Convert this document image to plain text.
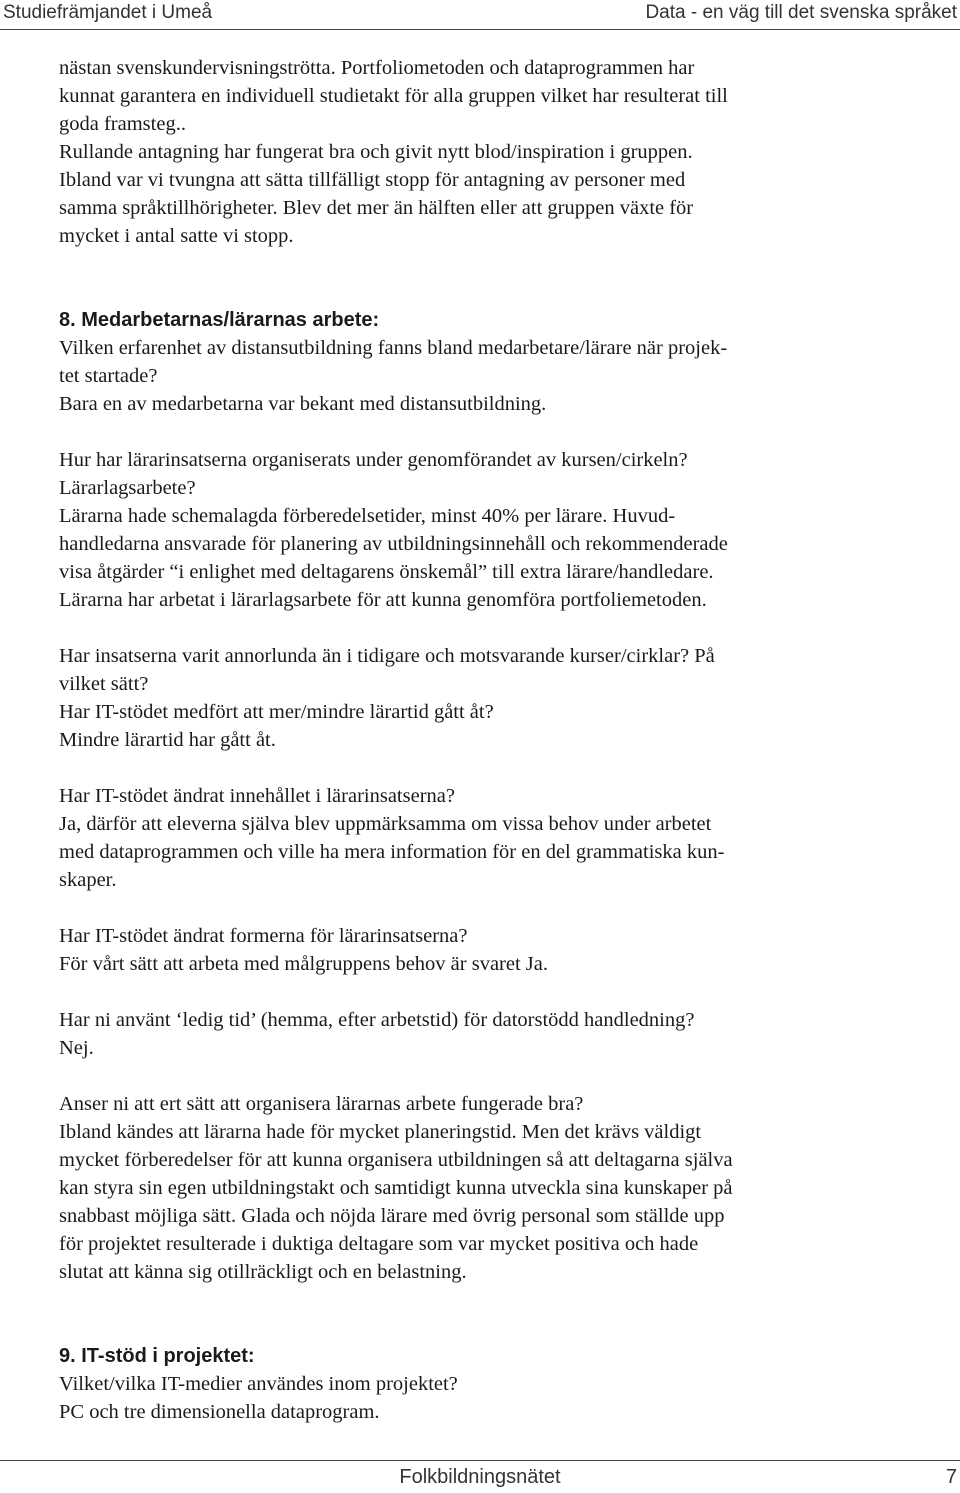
Studiefrämjandet i Umeå	Data - en väg till det svenska språket
nästan svenskundervisningströtta. Portfoliometoden och dataprogrammen har
kunnat garantera en individuell studietakt för alla gruppen vilket har resulterat till
goda framsteg..
Rullande antagning har fungerat bra och givit nytt blod/inspiration i gruppen.
Ibland var vi tvungna att sätta tillfälligt stopp för antagning av personer med
samma språktillhörigheter. Blev det mer än hälften eller att gruppen växte för
mycket i antal satte vi stopp.
8. Medarbetarnas/lärarnas arbete:
Vilken erfarenhet av distansutbildning fanns bland medarbetare/lärare när projek-
tet startade?
Bara en av medarbetarna var bekant med distansutbildning.
Hur har lärarinsatserna organiserats under genomförandet av kursen/cirkeln?
Lärarlagsarbete?
Lärarna hade schemalagda förberedelsetider, minst 40% per lärare. Huvud-
handledarna ansvarade för planering av utbildningsinnehåll och rekommenderade
visa åtgärder “i enlighet med deltagarens önskemål” till extra lärare/handledare.
Lärarna har arbetat i lärarlagsarbete för att kunna genomföra portfoliemetoden.
Har insatserna varit annorlunda än i tidigare och motsvarande kurser/cirklar? På
vilket sätt?
Har IT-stödet medfört att mer/mindre lärartid gått åt?
Mindre lärartid har gått åt.
Har IT-stödet ändrat innehållet i lärarinsatserna?
Ja, därför att eleverna själva blev uppmärksamma om vissa behov under arbetet
med dataprogrammen och ville ha mera information för en del grammatiska kun-
skaper.
Har IT-stödet ändrat formerna för lärarinsatserna?
För vårt sätt att arbeta med målgruppens behov är svaret Ja.
Har ni använt ‘ledig tid’ (hemma, efter arbetstid) för datorstödd handledning?
Nej.
Anser ni att ert sätt att organisera lärarnas arbete fungerade bra?
Ibland kändes att lärarna hade för mycket planeringstid. Men det krävs väldigt
mycket förberedelser för att kunna organisera utbildningen så att deltagarna själva
kan styra sin egen utbildningstakt och samtidigt kunna utveckla sina kunskaper på
snabbast möjliga sätt. Glada och nöjda lärare med övrig personal som ställde upp
för projektet resulterade i duktiga deltagare som var mycket positiva och hade
slutat att känna sig otillräckligt och en belastning.
9. IT-stöd i projektet:
Vilket/vilka IT-medier användes inom projektet?
PC och tre dimensionella dataprogram.
Folkbildningsnätet	7
